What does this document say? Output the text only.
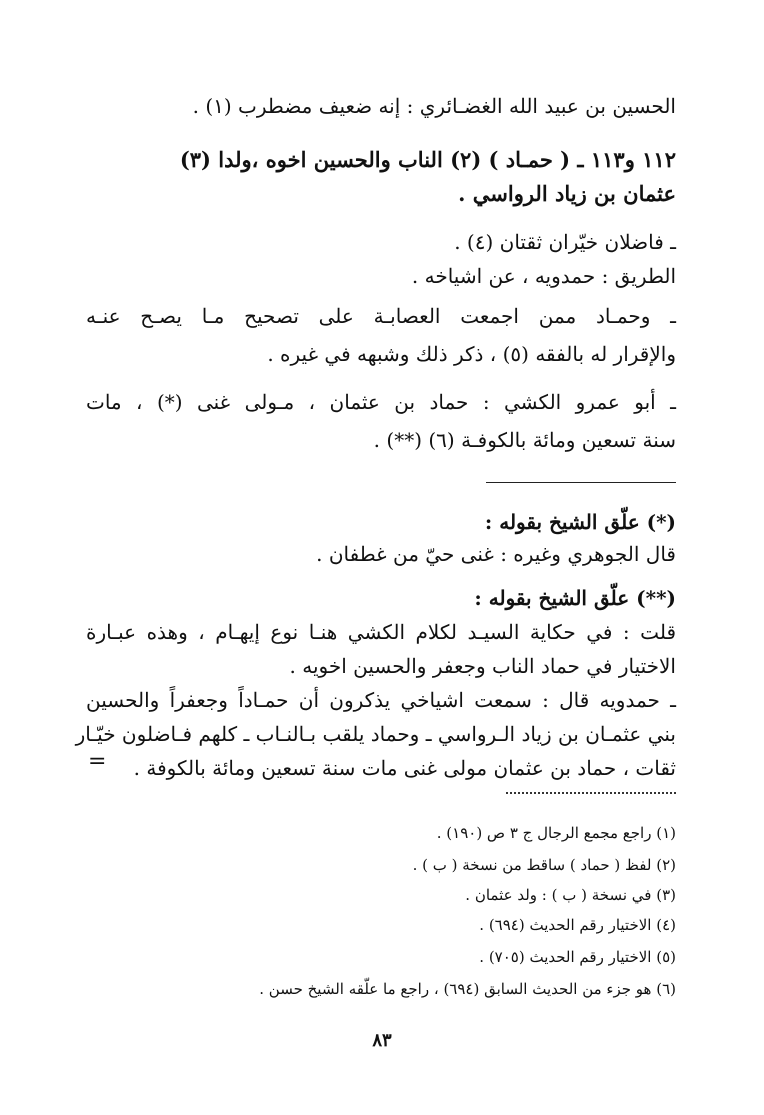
الحسين بن عبيد الله الغضـائري : إنه ضعيف مضطرب (١) .
١١٢ و١١٣ ـ ( حمـاد ) (٢) الناب والحسين اخوه ،ولدا (٣)
عثمان بن زياد الرواسي .
ـ فاضلان خيّران ثقتان (٤) .
الطريق : حمدويه ، عن اشياخه .
ـ وحمـاد ممن اجمعت العصابـة على تصحيح مـا يصـح عنـه
والإقرار له بالفقه (٥) ، ذكر ذلك وشبهه في غيره .
ـ أبو عمرو الكشي : حماد بن عثمان ، مـولى غنى (*) ، مات
سنة تسعين ومائة بالكوفـة (٦) (**) .
(*) علّق الشيخ بقوله :
قال الجوهري وغيره : غنى حيّ من غطفان .
(**) علّق الشيخ بقوله :
قلت : في حكاية السيـد لكلام الكشي هنـا نوع إيهـام ، وهذه عبـارة
الاختيار في حماد الناب وجعفر والحسين اخويه .
ـ حمدويه قال : سمعت اشياخي يذكرون أن حمـاداً وجعفراً والحسين
بني عثمـان بن زياد الـرواسي ـ وحماد يلقب بـالنـاب ـ كلهم فـاضلون خيّـار
ثقات ، حماد بن عثمان مولى غنى مات سنة تسعين ومائة بالكوفة .
=
(١) راجع مجمع الرجال ج ٣ ص (١٩٠) .
(٢) لفظ ( حماد ) ساقط من نسخة ( ب ) .
(٣) في نسخة ( ب ) : ولد عثمان .
(٤) الاختيار رقم الحديث (٦٩٤) .
(٥) الاختيار رقم الحديث (٧٠٥) .
(٦) هو جزء من الحديث السابق (٦٩٤) ، راجع ما علّقه الشيخ حسن .
٨٣
